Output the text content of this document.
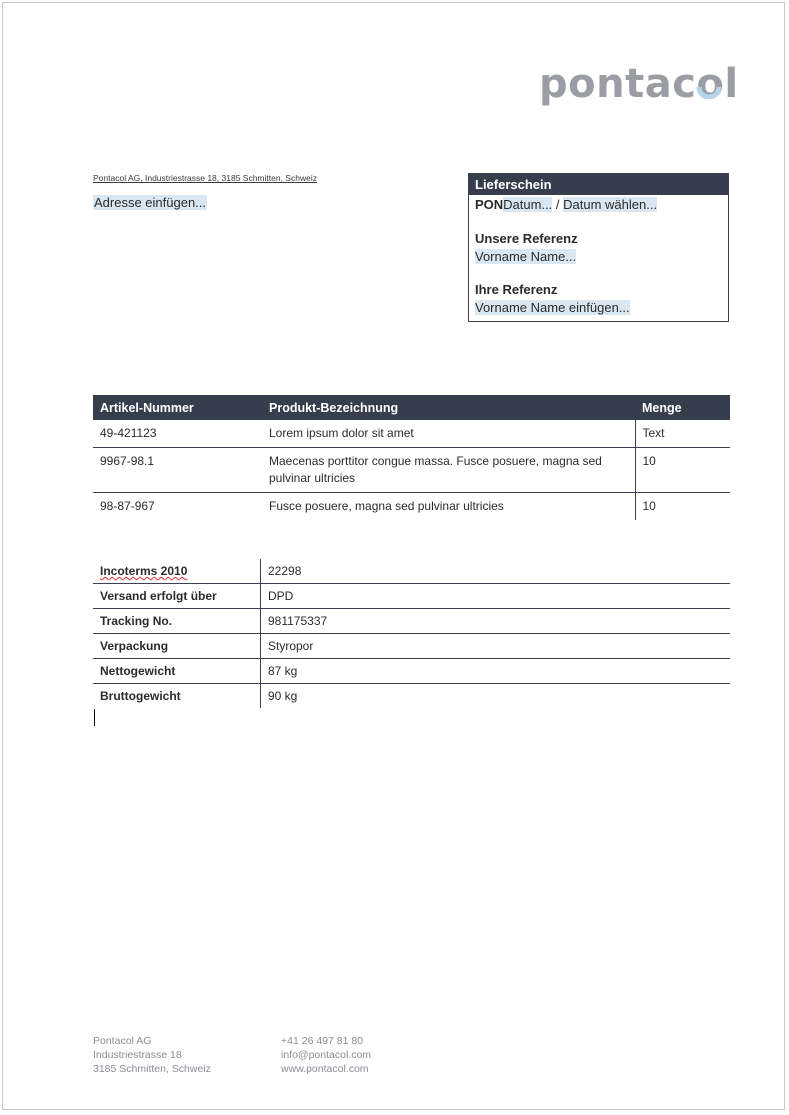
pontacol
Pontacol AG, Industriestrasse 18, 3185 Schmitten, Schweiz
Adresse einfügen...
Lieferschein
PONDatum... / Datum wählen...
Unsere Referenz
Vorname Name...
Ihre Referenz
Vorname Name einfügen...
Artikel-Nummer	Produkt-Bezeichnung	Menge
49-421123	Lorem ipsum dolor sit amet	Text
9967-98.1	Maecenas porttitor congue massa. Fusce posuere, magna sed pulvinar ultricies	10
98-87-967	Fusce posuere, magna sed pulvinar ultricies	10
Incoterms 2010	22298
Versand erfolgt über	DPD
Tracking No.	981175337
Verpackung	Styropor
Nettogewicht	87 kg
Bruttogewicht	90 kg
Pontacol AG
Industriestrasse 18
3185 Schmitten, Schweiz
+41 26 497 81 80
info@pontacol.com
www.pontacol.com
